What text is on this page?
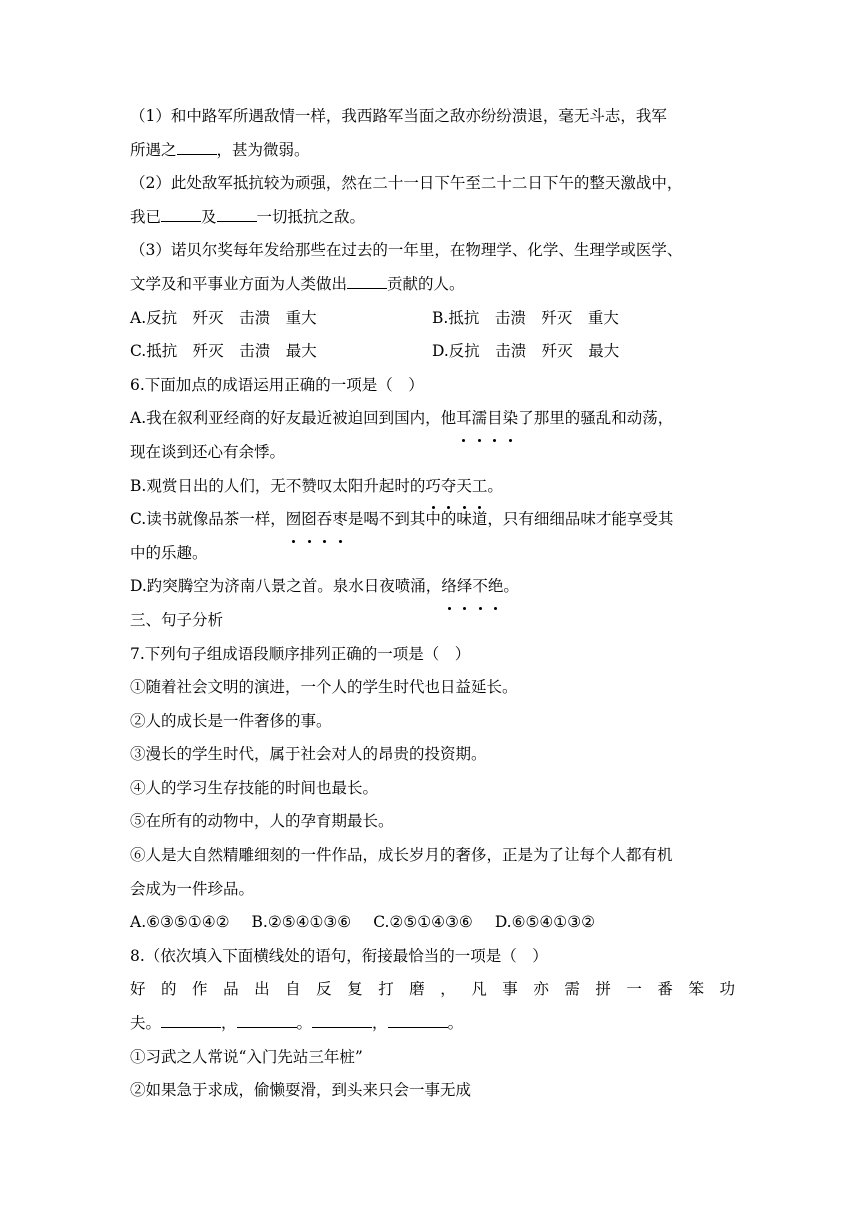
（1）和中路军所遇敌情一样，我西路军当面之敌亦纷纷溃退，毫无斗志，我军
所遇之	，甚为微弱。
（2）此处敌军抵抗较为顽强，然在二十一日下午至二十二日下午的整天激战中，
我已	及	一切抵抗之敌。
（3）诺贝尔奖每年发给那些在过去的一年里，在物理学、化学、生理学或医学、
文学及和平事业方面为人类做出	贡献的人。
A.反抗　歼灭　击溃　重大	B.抵抗　击溃　歼灭　重大
C.抵抗　歼灭　击溃　最大	D.反抗　击溃　歼灭　最大
6.下面加点的成语运用正确的一项是（　）
A.我在叙利亚经商的好友最近被迫回到国内，他耳濡目染了那里的骚乱和动荡，
现在谈到还心有余悸。
B.观赏日出的人们，无不赞叹太阳升起时的巧夺天工。
C.读书就像品茶一样，囫囵吞枣是喝不到其中的味道，只有细细品味才能享受其
中的乐趣。
D.趵突腾空为济南八景之首。泉水日夜喷涌，络绎不绝。
三、句子分析
7.下列句子组成语段顺序排列正确的一项是（　）
①随着社会文明的演进，一个人的学生时代也日益延长。
②人的成长是一件奢侈的事。
③漫长的学生时代，属于社会对人的昂贵的投资期。
④人的学习生存技能的时间也最长。
⑤在所有的动物中，人的孕育期最长。
⑥人是大自然精雕细刻的一件作品，成长岁月的奢侈，正是为了让每个人都有机
会成为一件珍品。
A.⑥③⑤①④② B.②⑤④①③⑥ C.②⑤①④③⑥ D.⑥⑤④①③②
8.（依次填入下面横线处的语句，衔接最恰当的一项是（　）
好的作品出自反复打磨，凡事亦需拼一番笨功
夫。	，	。	，	。
①习武之人常说“入门先站三年桩”
②如果急于求成，偷懒耍滑，到头来只会一事无成
